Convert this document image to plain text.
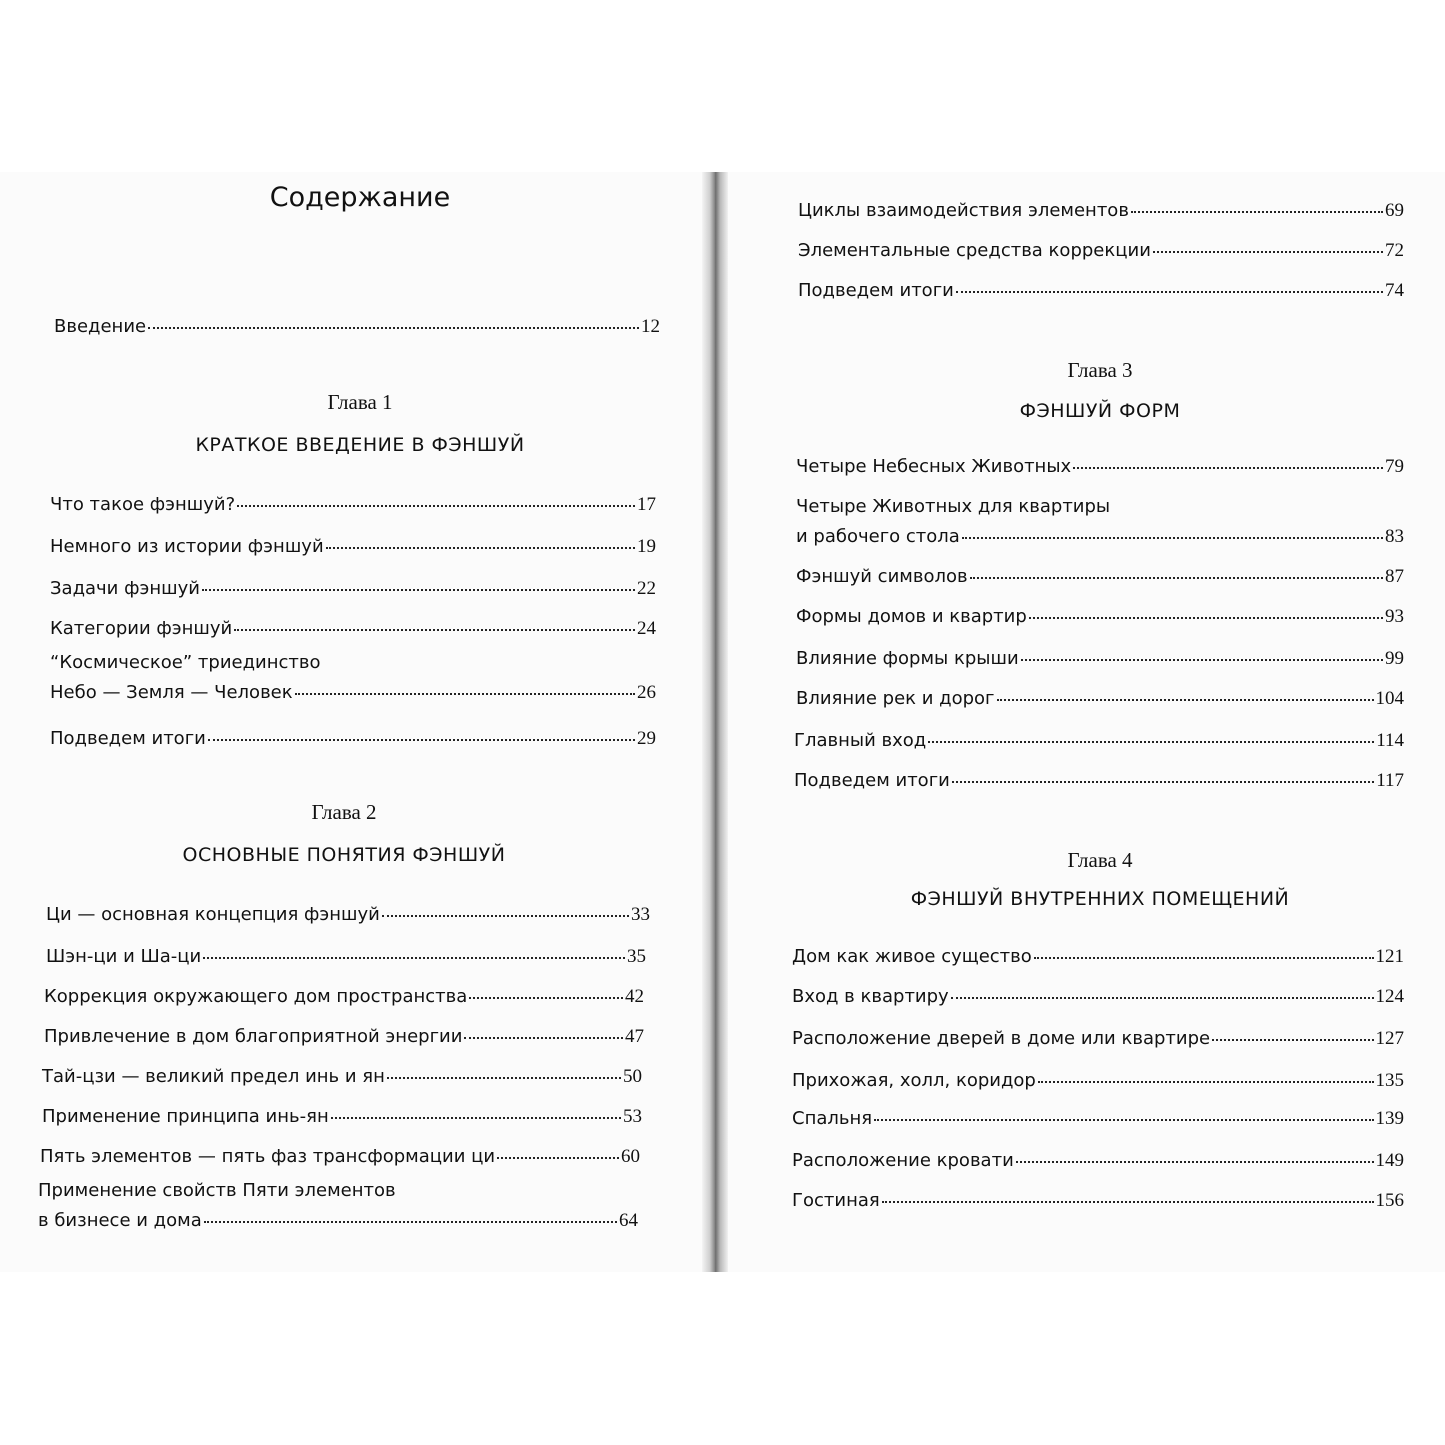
Содержание
Введение	12
Глава 1
КРАТКОЕ ВВЕДЕНИЕ В ФЭНШУЙ
Что такое фэншуй?	17
Немного из истории фэншуй	19
Задачи фэншуй	22
Категории фэншуй	24
“Космическое” триединство
Небо — Земля — Человек	26
Подведем итоги	29
Глава 2
ОСНОВНЫЕ ПОНЯТИЯ ФЭНШУЙ
Ци — основная концепция фэншуй	33
Шэн-ци и Ша-ци	35
Коррекция окружающего дом пространства	42
Привлечение в дом благоприятной энергии	47
Тай-цзи — великий предел инь и ян	50
Применение принципа инь-ян	53
Пять элементов — пять фаз трансформации ци	60
Применение свойств Пяти элементов
в бизнесе и дома	64
Циклы взаимодействия элементов	69
Элементальные средства коррекции	72
Подведем итоги	74
Глава 3
ФЭНШУЙ ФОРМ
Четыре Небесных Животных	79
Четыре Животных для квартиры
и рабочего стола	83
Фэншуй символов	87
Формы домов и квартир	93
Влияние формы крыши	99
Влияние рек и дорог	104
Главный вход	114
Подведем итоги	117
Глава 4
ФЭНШУЙ ВНУТРЕННИХ ПОМЕЩЕНИЙ
Дом как живое существо	121
Вход в квартиру	124
Расположение дверей в доме или квартире	127
Прихожая, холл, коридор	135
Спальня	139
Расположение кровати	149
Гостиная	156
